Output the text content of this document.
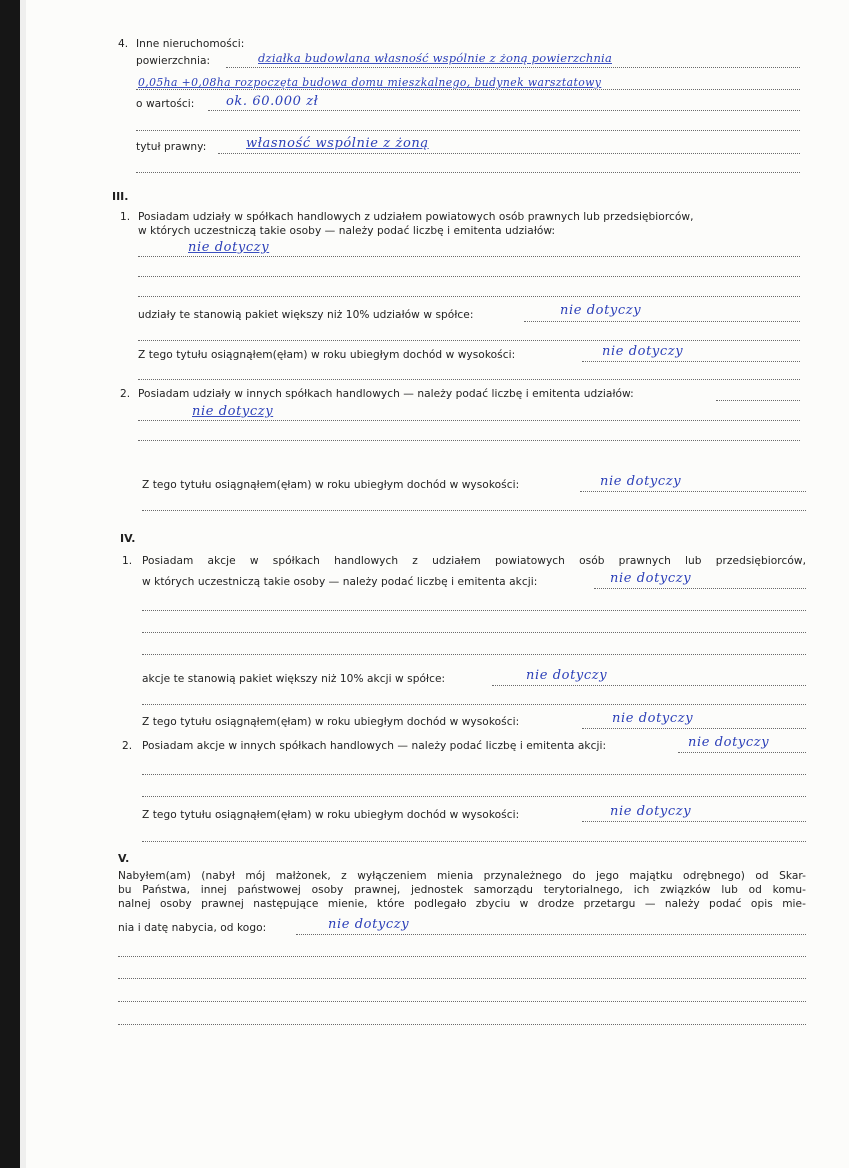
4. Inne nieruchomości:
powierzchnia:	działka budowlana własność wspólnie z żoną powierzchnia
0,05ha +0,08ha rozpoczęta budowa domu mieszkalnego, budynek warsztatowy
o wartości: ok. 60.000 zł
tytuł prawny:	własność wspólnie z żoną
III.
1. Posiadam udziały w spółkach handlowych z udziałem powiatowych osób prawnych lub przedsiębiorców,
w których uczestniczą takie osoby — należy podać liczbę i emitenta udziałów:
nie dotyczy
udziały te stanowią pakiet większy niż 10% udziałów w spółce:	nie dotyczy
Z tego tytułu osiągnąłem(ęłam) w roku ubiegłym dochód w wysokości:	nie dotyczy
2. Posiadam udziały w innych spółkach handlowych — należy podać liczbę i emitenta udziałów:
nie dotyczy
Z tego tytułu osiągnąłem(ęłam) w roku ubiegłym dochód w wysokości:	nie dotyczy
IV.
1. Posiadam akcje w spółkach handlowych z udziałem powiatowych osób prawnych lub przedsiębiorców,
w których uczestniczą takie osoby — należy podać liczbę i emitenta akcji:	nie dotyczy
akcje te stanowią pakiet większy niż 10% akcji w spółce:	nie dotyczy
Z tego tytułu osiągnąłem(ęłam) w roku ubiegłym dochód w wysokości:	nie dotyczy
2. Posiadam akcje w innych spółkach handlowych — należy podać liczbę i emitenta akcji:	nie dotyczy
Z tego tytułu osiągnąłem(ęłam) w roku ubiegłym dochód w wysokości:	nie dotyczy
V.
Nabyłem(am) (nabył mój małżonek, z wyłączeniem mienia przynależnego do jego majątku odrębnego) od Skar-
bu Państwa, innej państwowej osoby prawnej, jednostek samorządu terytorialnego, ich związków lub od komu-
nalnej osoby prawnej następujące mienie, które podlegało zbyciu w drodze przetargu — należy podać opis mie-
nia i datę nabycia, od kogo:	nie dotyczy
